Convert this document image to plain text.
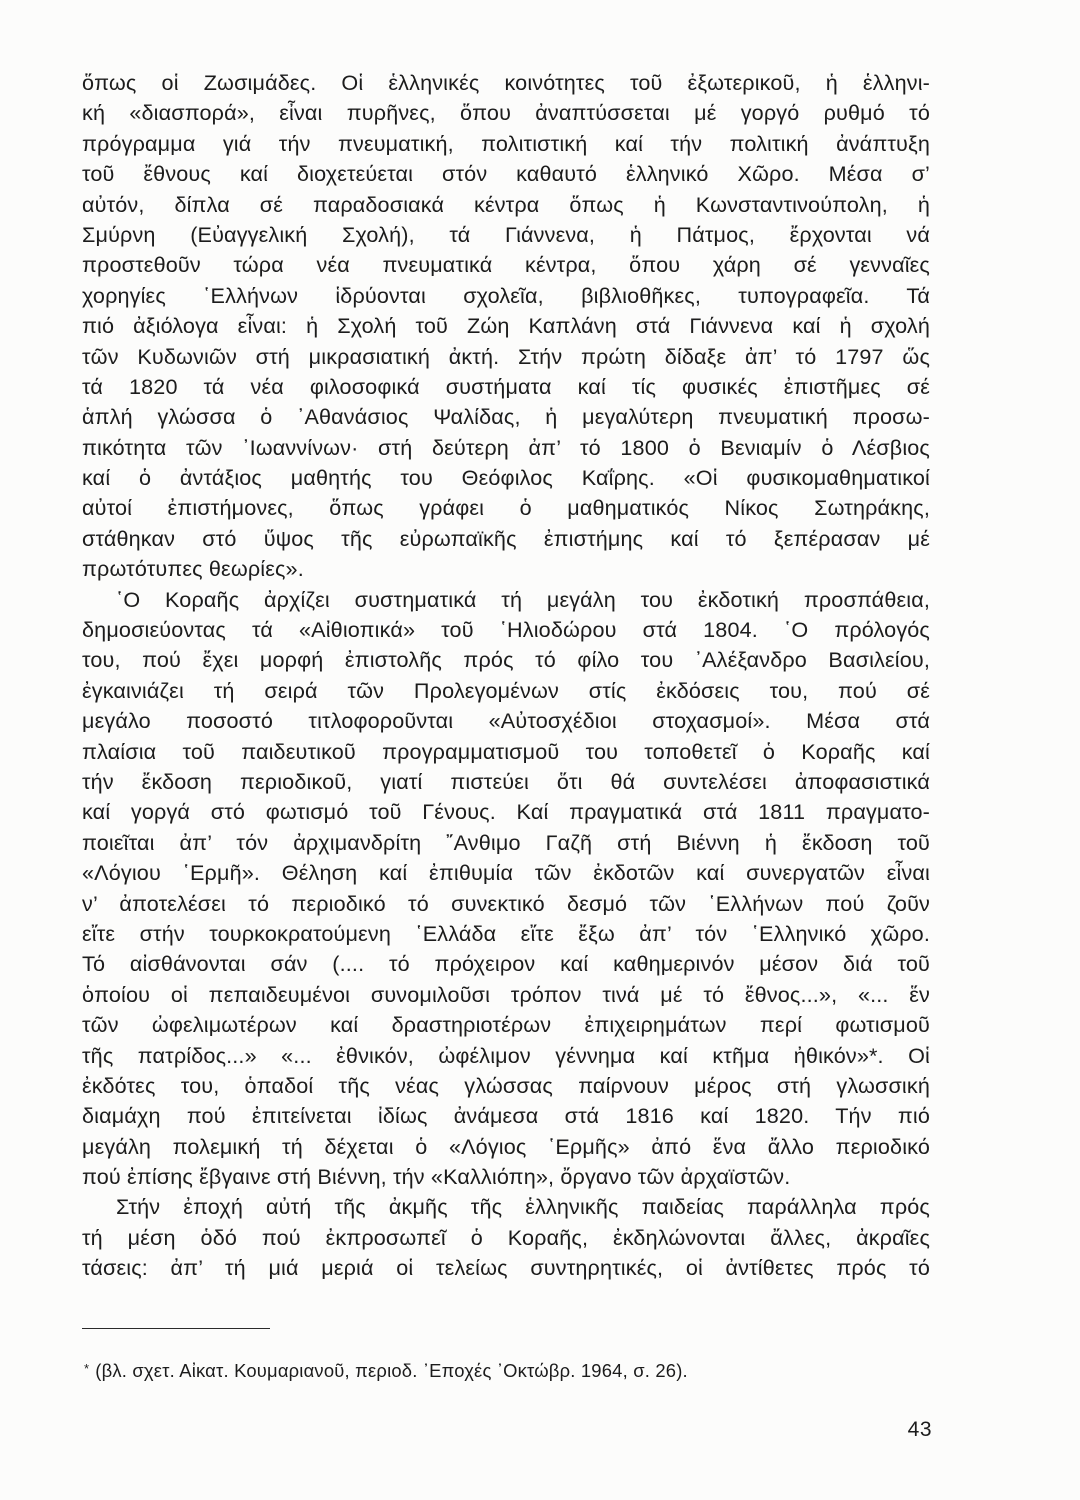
ὅπως οἱ Ζωσιμάδες. Οἱ ἑλληνικές κοινότητες τοῦ ἐξωτερικοῦ, ἡ ἑλληνι-
κή «διασπορά», εἶναι πυρῆνες, ὅπου ἀναπτύσσεται μέ γοργό ρυθμό τό
πρόγραμμα γιά τήν πνευματική, πολιτιστική καί τήν πολιτική ἀνάπτυξη
τοῦ ἔθνους καί διοχετεύεται στόν καθαυτό ἑλληνικό Χῶρο. Μέσα σ’
αὐτόν, δίπλα σέ παραδοσιακά κέντρα ὅπως ἡ Κωνσταντινούπολη, ἡ
Σμύρνη (Εὐαγγελική Σχολή), τά Γιάννενα, ἡ Πάτμος, ἔρχονται νά
προστεθοῦν τώρα νέα πνευματικά κέντρα, ὅπου χάρη σέ γενναῖες
χορηγίες ῾Ελλήνων ἱδρύονται σχολεῖα, βιβλιοθῆκες, τυπογραφεῖα. Τά
πιό ἀξιόλογα εἶναι: ἡ Σχολή τοῦ Ζώη Καπλάνη στά Γιάννενα καί ἡ σχολή
τῶν Κυδωνιῶν στή μικρασιατική ἀκτή. Στήν πρώτη δίδαξε ἀπ’ τό 1797 ὥς
τά 1820 τά νέα φιλοσοφικά συστήματα καί τίς φυσικές ἐπιστῆμες σέ
ἁπλή γλώσσα ὁ ᾿Αθανάσιος Ψαλίδας, ἡ μεγαλύτερη πνευματική προσω-
πικότητα τῶν ᾿Ιωαννίνων· στή δεύτερη ἀπ’ τό 1800 ὁ Βενιαμίν ὁ Λέσβιος
καί ὁ ἀντάξιος μαθητής του Θεόφιλος Καΐρης. «Οἱ φυσικομαθηματικοί
αὐτοί ἐπιστήμονες, ὅπως γράφει ὁ μαθηματικός Νίκος Σωτηράκης,
στάθηκαν στό ὕψος τῆς εὐρωπαϊκῆς ἐπιστήμης καί τό ξεπέρασαν μέ
πρωτότυπες θεωρίες».
῾Ο Κοραῆς ἀρχίζει συστηματικά τή μεγάλη του ἐκδοτική προσπάθεια,
δημοσιεύοντας τά «Αἰθιοπικά» τοῦ ῾Ηλιοδώρου στά 1804. ῾Ο πρόλογός
του, πού ἔχει μορφή ἐπιστολῆς πρός τό φίλο του ᾿Αλέξανδρο Βασιλείου,
ἐγκαινιάζει τή σειρά τῶν Προλεγομένων στίς ἐκδόσεις του, πού σέ
μεγάλο ποσοστό τιτλοφοροῦνται «Αὐτοσχέδιοι στοχασμοί». Μέσα στά
πλαίσια τοῦ παιδευτικοῦ προγραμματισμοῦ του τοποθετεῖ ὁ Κοραῆς καί
τήν ἔκδοση περιοδικοῦ, γιατί πιστεύει ὅτι θά συντελέσει ἀποφασιστικά
καί γοργά στό φωτισμό τοῦ Γένους. Καί πραγματικά στά 1811 πραγματο-
ποιεῖται ἀπ’ τόν ἀρχιμανδρίτη ῎Ανθιμο Γαζῆ στή Βιέννη ἡ ἔκδοση τοῦ
«Λόγιου ῾Ερμῆ». Θέληση καί ἐπιθυμία τῶν ἐκδοτῶν καί συνεργατῶν εἶναι
ν’ ἀποτελέσει τό περιοδικό τό συνεκτικό δεσμό τῶν ῾Ελλήνων πού ζοῦν
εἴτε στήν τουρκοκρατούμενη ῾Ελλάδα εἴτε ἔξω ἀπ’ τόν ῾Ελληνικό χῶρο.
Τό αἰσθάνονται σάν (.... τό πρόχειρον καί καθημερινόν μέσον διά τοῦ
ὁποίου οἱ πεπαιδευμένοι συνομιλοῦσι τρόπον τινά μέ τό ἔθνος...», «... ἕν
τῶν ὠφελιμωτέρων καί δραστηριοτέρων ἐπιχειρημάτων περί φωτισμοῦ
τῆς πατρίδος...» «... ἐθνικόν, ὠφέλιμον γέννημα καί κτῆμα ἠθικόν»*. Οἱ
ἐκδότες του, ὁπαδοί τῆς νέας γλώσσας παίρνουν μέρος στή γλωσσική
διαμάχη πού ἐπιτείνεται ἰδίως ἀνάμεσα στά 1816 καί 1820. Τήν πιό
μεγάλη πολεμική τή δέχεται ὁ «Λόγιος ῾Ερμῆς» ἀπό ἕνα ἄλλο περιοδικό
πού ἐπίσης ἔβγαινε στή Βιέννη, τήν «Καλλιόπη», ὄργανο τῶν ἀρχαϊστῶν.
Στήν ἐποχή αὐτή τῆς ἀκμῆς τῆς ἑλληνικῆς παιδείας παράλληλα πρός
τή μέση ὁδό πού ἐκπροσωπεῖ ὁ Κοραῆς, ἐκδηλώνονται ἄλλες, ἀκραῖες
τάσεις: ἀπ’ τή μιά μεριά οἱ τελείως συντηρητικές, οἱ ἀντίθετες πρός τό
* (βλ. σχετ. Αἰκατ. Κουμαριανοῦ, περιοδ. ᾿Εποχές ᾿Οκτώβρ. 1964, σ. 26).
43
